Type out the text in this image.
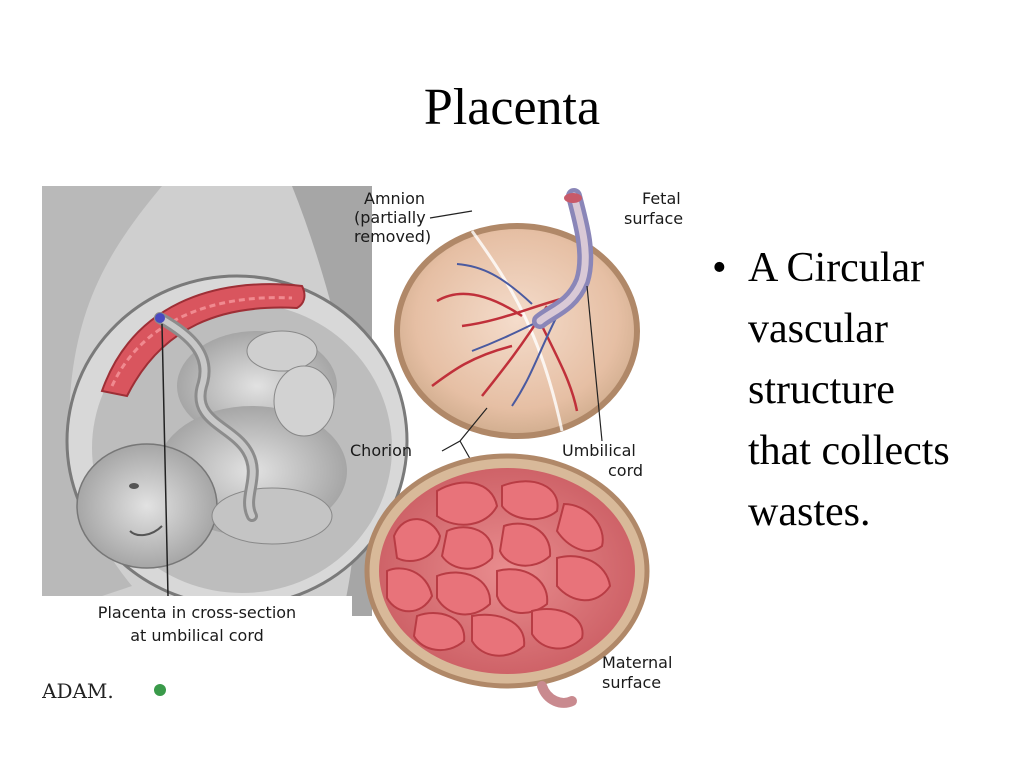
Placenta
Placenta in cross-section
at umbilical cord
ADAM.
Amnion
(partially
removed)
Fetal
surface
Chorion	Umbilical
cord
Maternal
surface
• A Circular vascular structure that collects wastes.
